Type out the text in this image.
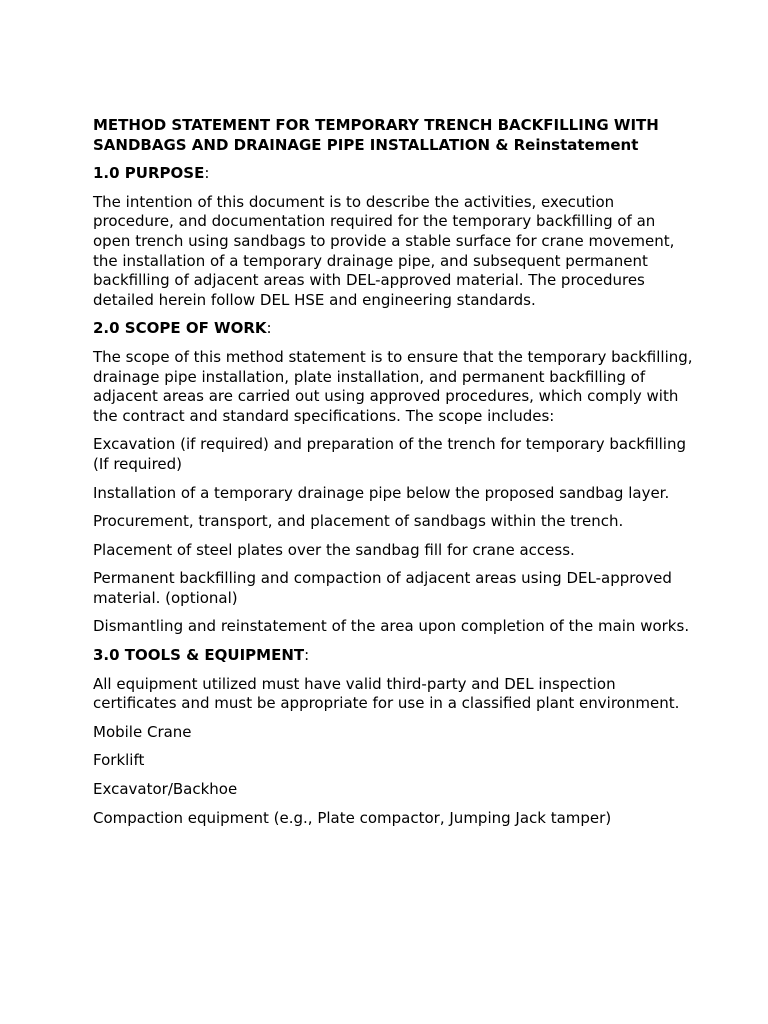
METHOD STATEMENT FOR TEMPORARY TRENCH BACKFILLING WITH SANDBAGS AND DRAINAGE PIPE INSTALLATION & Reinstatement
1.0 PURPOSE:
The intention of this document is to describe the activities, execution procedure, and documentation required for the temporary backfilling of an open trench using sandbags to provide a stable surface for crane movement, the installation of a temporary drainage pipe, and subsequent permanent backfilling of adjacent areas with DEL-approved material. The procedures detailed herein follow DEL HSE and engineering standards.
2.0 SCOPE OF WORK:
The scope of this method statement is to ensure that the temporary backfilling, drainage pipe installation, plate installation, and permanent backfilling of adjacent areas are carried out using approved procedures, which comply with the contract and standard specifications. The scope includes:
Excavation (if required) and preparation of the trench for temporary backfilling (If required)
Installation of a temporary drainage pipe below the proposed sandbag layer.
Procurement, transport, and placement of sandbags within the trench.
Placement of steel plates over the sandbag fill for crane access.
Permanent backfilling and compaction of adjacent areas using DEL-approved material. (optional)
Dismantling and reinstatement of the area upon completion of the main works.
3.0 TOOLS & EQUIPMENT:
All equipment utilized must have valid third-party and DEL inspection certificates and must be appropriate for use in a classified plant environment.
Mobile Crane
Forklift
Excavator/Backhoe
Compaction equipment (e.g., Plate compactor, Jumping Jack tamper)
